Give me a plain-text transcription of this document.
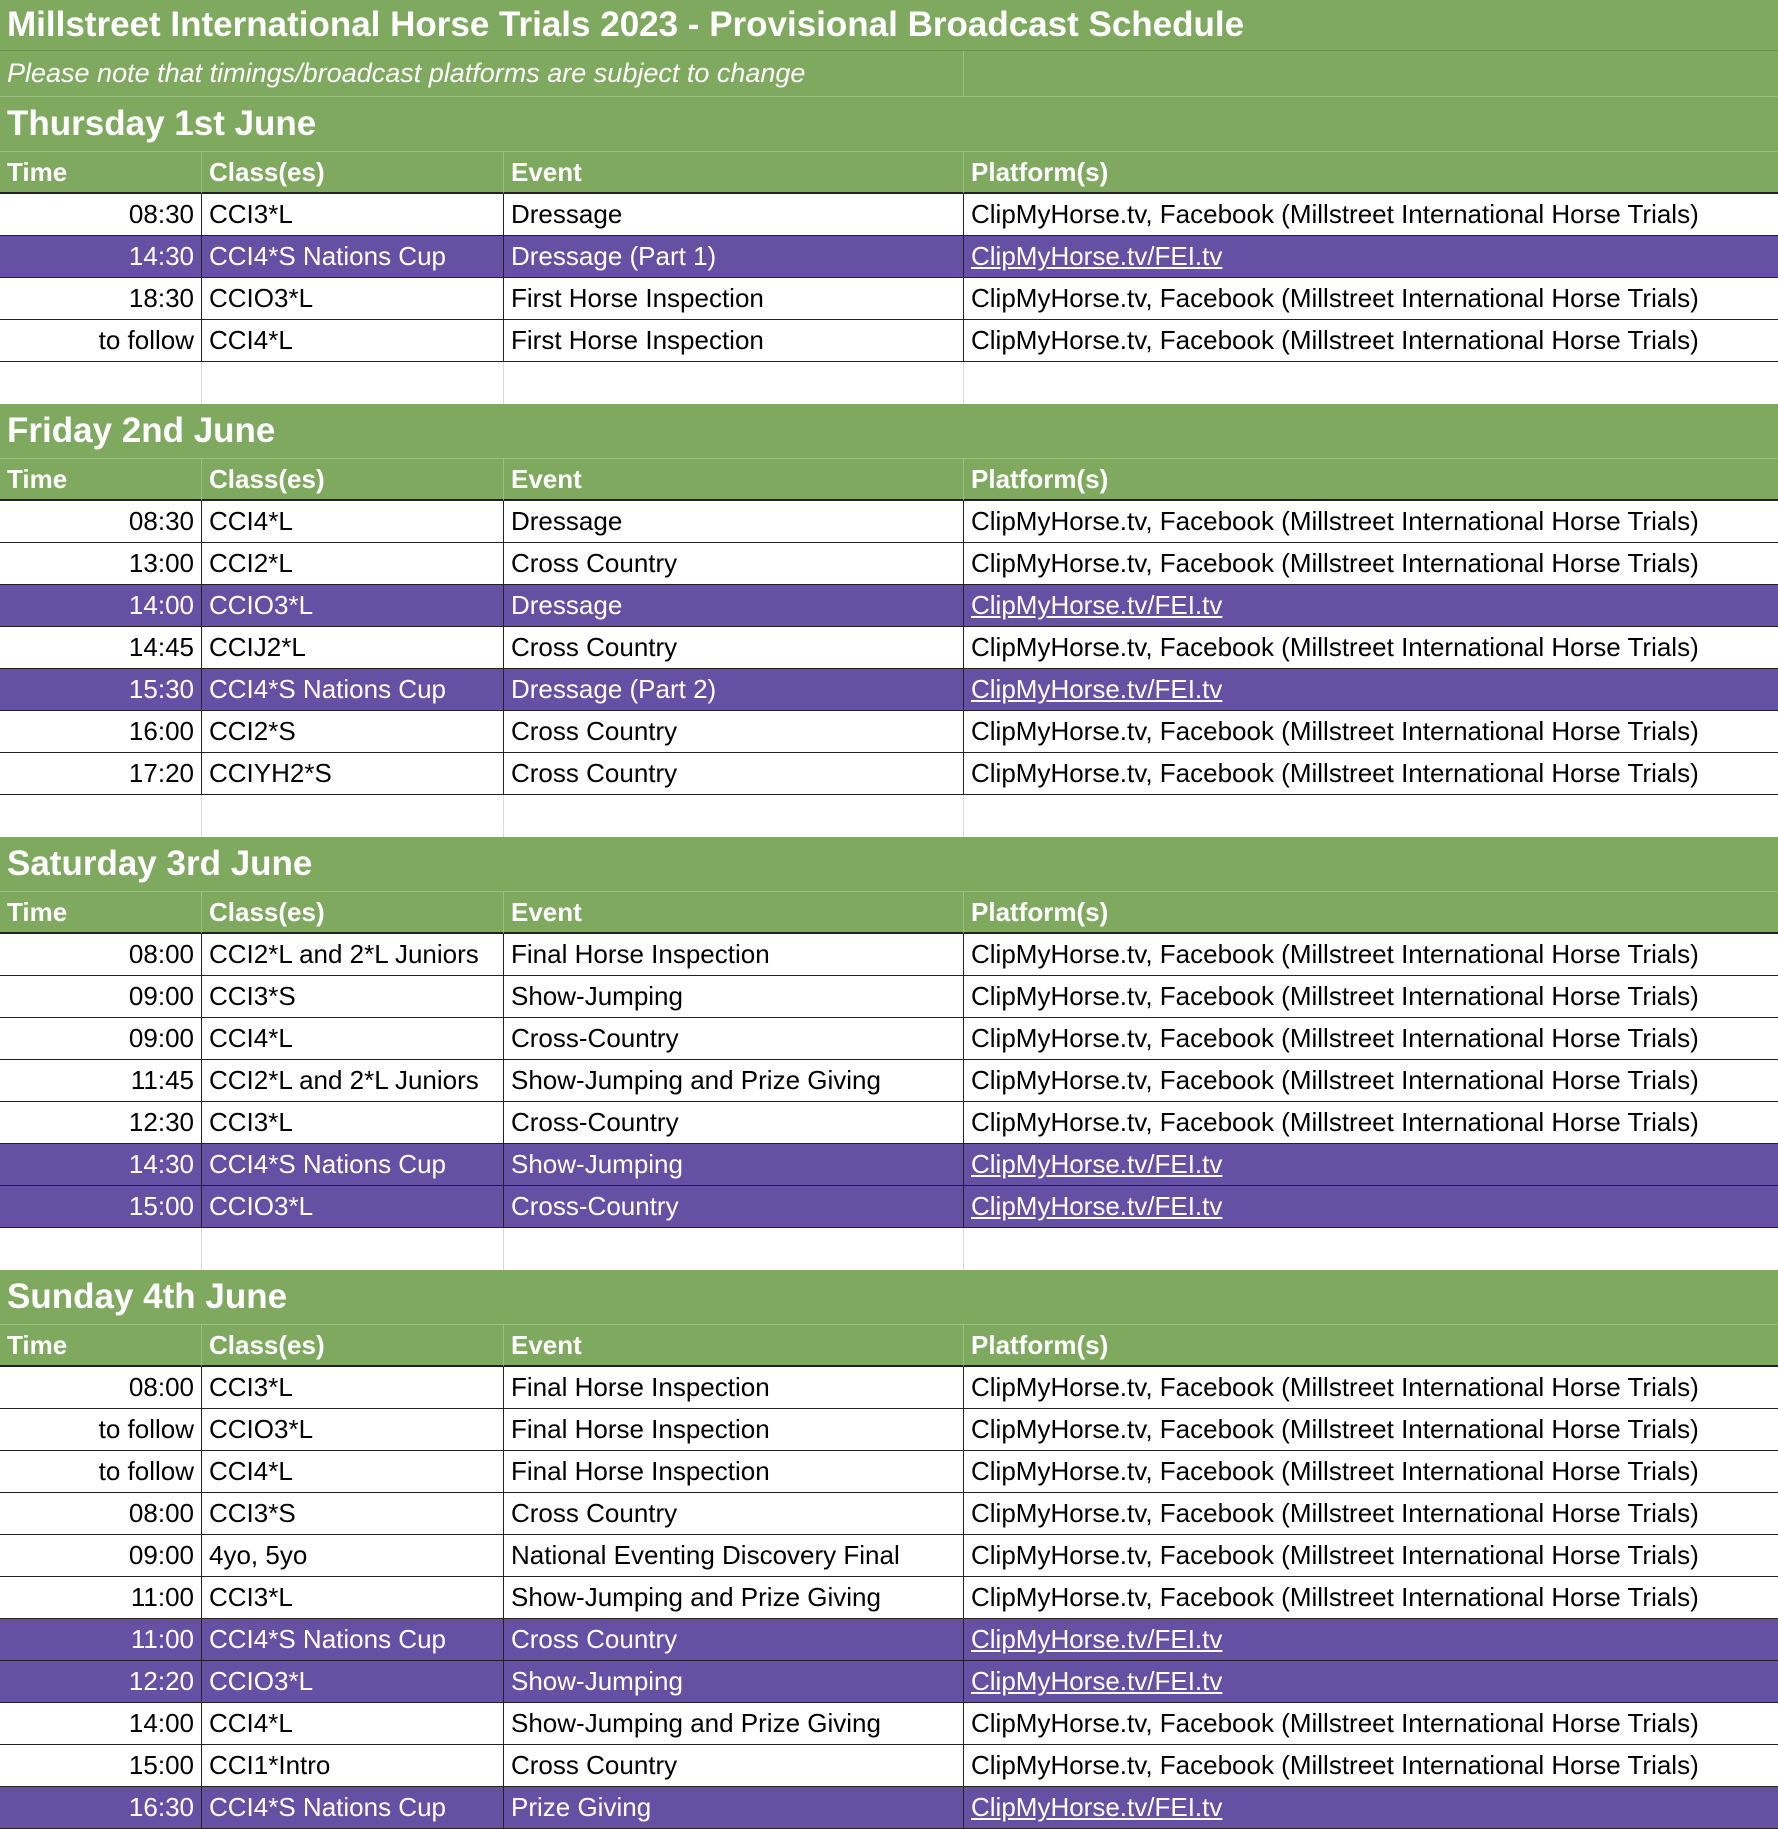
Millstreet International Horse Trials 2023 - Provisional Broadcast Schedule
Please note that timings/broadcast platforms are subject to change
Thursday 1st June
Time	Class(es)	Event	Platform(s)
08:30 CCI3*L	Dressage	ClipMyHorse.tv, Facebook (Millstreet International Horse Trials)
14:30 CCI4*S Nations Cup	Dressage (Part 1)	ClipMyHorse.tv/FEI.tv
18:30 CCIO3*L	First Horse Inspection	ClipMyHorse.tv, Facebook (Millstreet International Horse Trials)
to follow CCI4*L	First Horse Inspection	ClipMyHorse.tv, Facebook (Millstreet International Horse Trials)
Friday 2nd June
Time	Class(es)	Event	Platform(s)
08:30 CCI4*L	Dressage	ClipMyHorse.tv, Facebook (Millstreet International Horse Trials)
13:00 CCI2*L	Cross Country	ClipMyHorse.tv, Facebook (Millstreet International Horse Trials)
14:00 CCIO3*L	Dressage	ClipMyHorse.tv/FEI.tv
14:45 CCIJ2*L	Cross Country	ClipMyHorse.tv, Facebook (Millstreet International Horse Trials)
15:30 CCI4*S Nations Cup	Dressage (Part 2)	ClipMyHorse.tv/FEI.tv
16:00 CCI2*S	Cross Country	ClipMyHorse.tv, Facebook (Millstreet International Horse Trials)
17:20 CCIYH2*S	Cross Country	ClipMyHorse.tv, Facebook (Millstreet International Horse Trials)
Saturday 3rd June
Time	Class(es)	Event	Platform(s)
08:00 CCI2*L and 2*L Juniors	Final Horse Inspection	ClipMyHorse.tv, Facebook (Millstreet International Horse Trials)
09:00 CCI3*S	Show-Jumping	ClipMyHorse.tv, Facebook (Millstreet International Horse Trials)
09:00 CCI4*L	Cross-Country	ClipMyHorse.tv, Facebook (Millstreet International Horse Trials)
11:45 CCI2*L and 2*L Juniors	Show-Jumping and Prize Giving	ClipMyHorse.tv, Facebook (Millstreet International Horse Trials)
12:30 CCI3*L	Cross-Country	ClipMyHorse.tv, Facebook (Millstreet International Horse Trials)
14:30 CCI4*S Nations Cup	Show-Jumping	ClipMyHorse.tv/FEI.tv
15:00 CCIO3*L	Cross-Country	ClipMyHorse.tv/FEI.tv
Sunday 4th June
Time	Class(es)	Event	Platform(s)
08:00 CCI3*L	Final Horse Inspection	ClipMyHorse.tv, Facebook (Millstreet International Horse Trials)
to follow CCIO3*L	Final Horse Inspection	ClipMyHorse.tv, Facebook (Millstreet International Horse Trials)
to follow CCI4*L	Final Horse Inspection	ClipMyHorse.tv, Facebook (Millstreet International Horse Trials)
08:00 CCI3*S	Cross Country	ClipMyHorse.tv, Facebook (Millstreet International Horse Trials)
09:00 4yo, 5yo	National Eventing Discovery Final	ClipMyHorse.tv, Facebook (Millstreet International Horse Trials)
11:00 CCI3*L	Show-Jumping and Prize Giving	ClipMyHorse.tv, Facebook (Millstreet International Horse Trials)
11:00 CCI4*S Nations Cup	Cross Country	ClipMyHorse.tv/FEI.tv
12:20 CCIO3*L	Show-Jumping	ClipMyHorse.tv/FEI.tv
14:00 CCI4*L	Show-Jumping and Prize Giving	ClipMyHorse.tv, Facebook (Millstreet International Horse Trials)
15:00 CCI1*Intro	Cross Country	ClipMyHorse.tv, Facebook (Millstreet International Horse Trials)
16:30 CCI4*S Nations Cup	Prize Giving	ClipMyHorse.tv/FEI.tv
